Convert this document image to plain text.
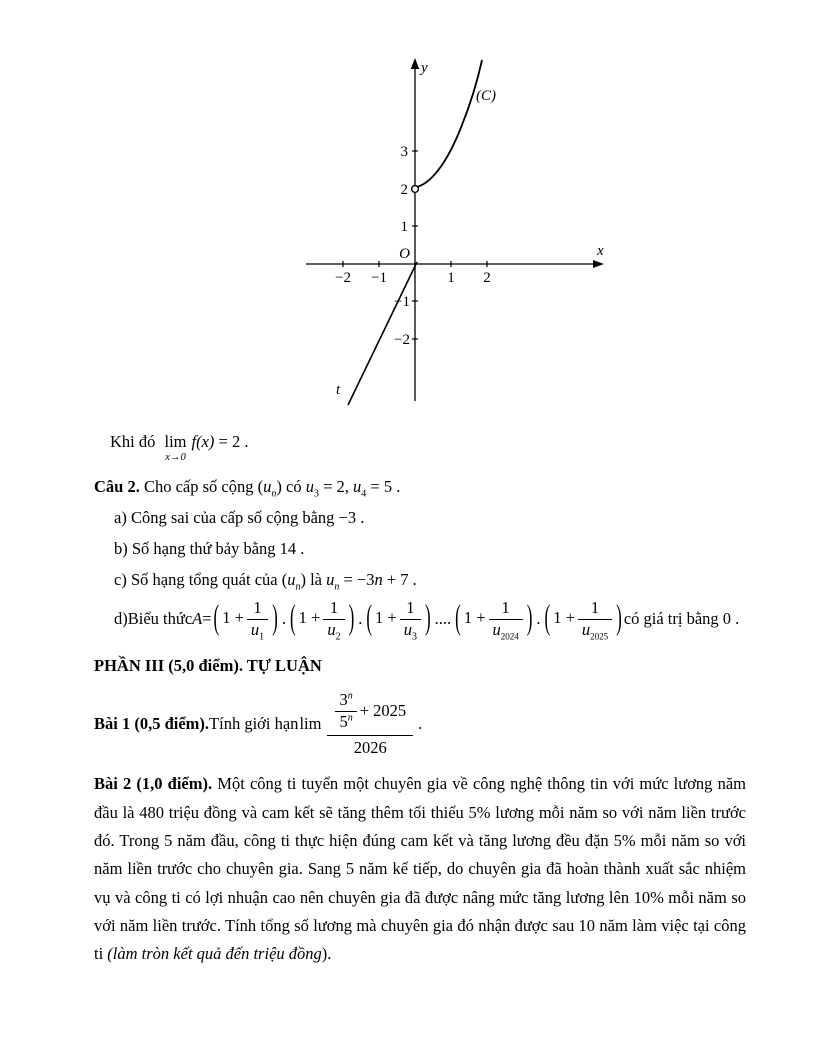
y
x
O
(C)
t
−2 −1	1 2
3
2
1
−1
−2
Khi đó lim
x→0
f(x) = 2 .
Câu 2. Cho cấp số cộng $(u_n)$ có $u_3 = 2$, $u_4 = 5$ .
a) Công sai của cấp số cộng bằng −3 .
b) Số hạng thứ bảy bằng 14 .
c) Số hạng tổng quát của $(u_n)$ là $u_n = -3n + 7$ .
d) Biểu thức A = ( $1 + \frac{1}{u_1}$ ) . ( $1 + \frac{1}{u_2}$ ) . ( $1 + \frac{1}{u_3}$ ) .... ( $1 + \frac{1}{u_{2024}}$ ) . ( $1 + \frac{1}{u_{2025}}$ ) có giá trị bằng 0 .
PHẦN III (5,0 điểm). TỰ LUẬN
Bài 1 (0,5 điểm). Tính giới hạn $\lim \frac{\frac{3^n}{5^n} + 2025}{2026}$ .

Bài 2 (1,0 điểm). Một công ti tuyển một chuyên gia về công nghệ thông tin với mức lương năm đầu là 480 triệu đồng và cam kết sẽ tăng thêm tối thiểu 5% lương mỗi năm so với năm liền trước đó. Trong 5 năm đầu, công ti thực hiện đúng cam kết và tăng lương đều đặn 5% mỗi năm so với năm liền trước cho chuyên gia. Sang 5 năm kế tiếp, do chuyên gia đã hoàn thành xuất sắc nhiệm vụ và công ti có lợi nhuận cao nên chuyên gia đã được nâng mức tăng lương lên 10% mỗi năm so với năm liền trước. Tính tổng số lương mà chuyên gia đó nhận được sau 10 năm làm việc tại công ti (làm tròn kết quả đến triệu đồng).
